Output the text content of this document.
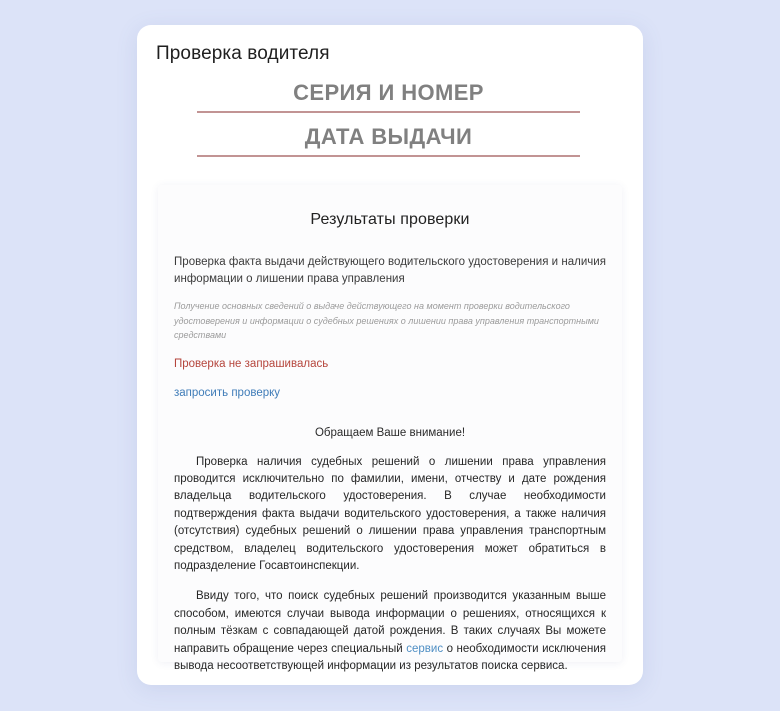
Проверка водителя
СЕРИЯ И НОМЕР
ДАТА ВЫДАЧИ
Результаты проверки
Проверка факта выдачи действующего водительского удостоверения и наличия информации о лишении права управления
Получение основных сведений о выдаче действующего на момент проверки водительского удостоверения и информации о судебных решениях о лишении права управления транспортными средствами
Проверка не запрашивалась
запросить проверку
Обращаем Ваше внимание!

Проверка наличия судебных решений о лишении права управления проводится исключительно по фамилии, имени, отчеству и дате рождения владельца водительского удостоверения. В случае необходимости подтверждения факта выдачи водительского удостоверения, а также наличия (отсутствия) судебных решений о лишении права управления транспортным средством, владелец водительского удостоверения может обратиться в подразделение Госавтоинспекции.

Ввиду того, что поиск судебных решений производится указанным выше способом, имеются случаи вывода информации о решениях, относящихся к полным тёзкам с совпадающей датой рождения. В таких случаях Вы можете направить обращение через специальный сервис о необходимости исключения вывода несоответствующей информации из результатов поиска сервиса.
